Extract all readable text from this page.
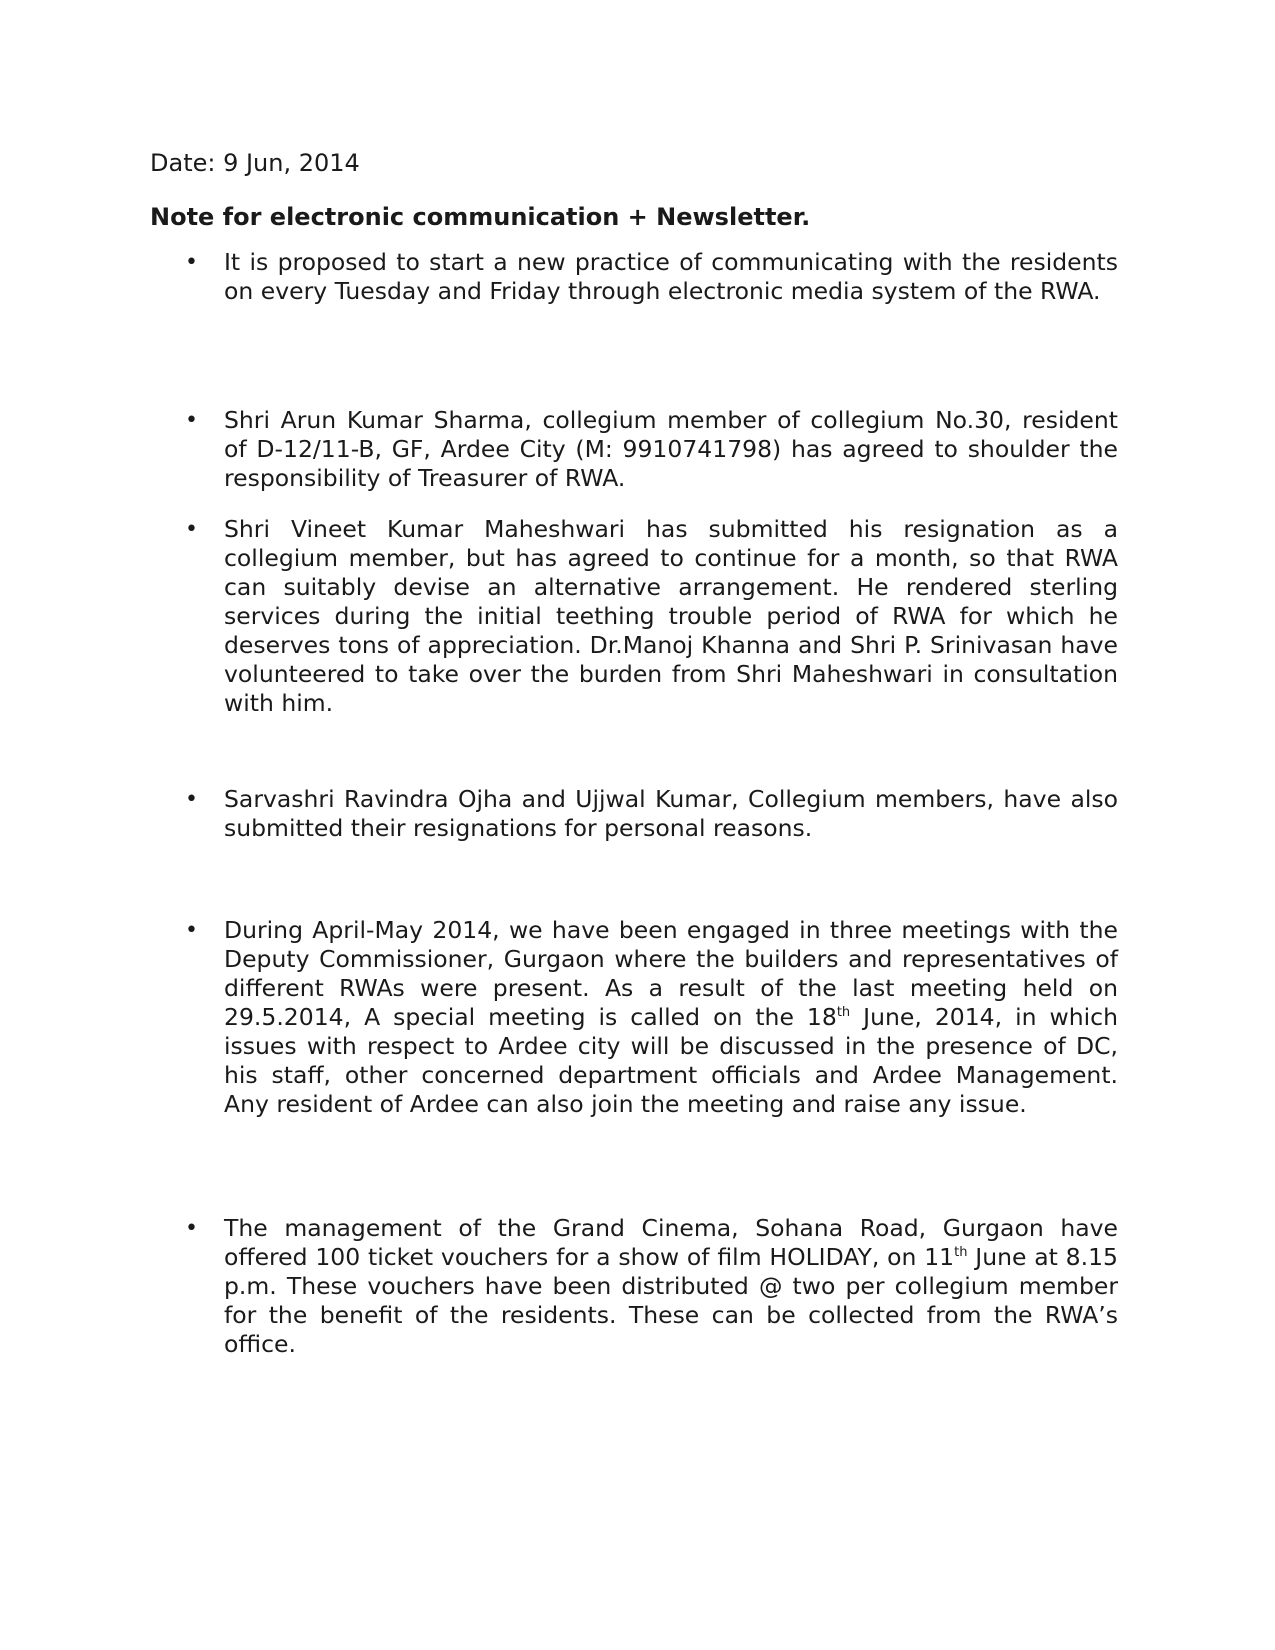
Date: 9 Jun, 2014
Note for electronic communication + Newsletter.
• It is proposed to start a new practice of communicating with the residents on every Tuesday and Friday through electronic media system of the RWA.

• Shri Arun Kumar Sharma, collegium member of collegium No.30, resident of D-12/11-B, GF, Ardee City (M: 9910741798) has agreed to shoulder the responsibility of Treasurer of RWA.

• Shri Vineet Kumar Maheshwari has submitted his resignation as a collegium member, but has agreed to continue for a month, so that RWA can suitably devise an alternative arrangement. He rendered sterling services during the initial teething trouble period of RWA for which he deserves tons of appreciation. Dr.Manoj Khanna and Shri P. Srinivasan have volunteered to take over the burden from Shri Maheshwari in consultation with him.

• Sarvashri Ravindra Ojha and Ujjwal Kumar, Collegium members, have also submitted their resignations for personal reasons.

• During April-May 2014, we have been engaged in three meetings with the Deputy Commissioner, Gurgaon where the builders and representatives of different RWAs were present. As a result of the last meeting held on 29.5.2014, A special meeting is called on the 18th June, 2014, in which issues with respect to Ardee city will be discussed in the presence of DC, his staff, other concerned department officials and Ardee Management. Any resident of Ardee can also join the meeting and raise any issue.

• The management of the Grand Cinema, Sohana Road, Gurgaon have offered 100 ticket vouchers for a show of film HOLIDAY, on 11th June at 8.15 p.m. These vouchers have been distributed @ two per collegium member for the benefit of the residents. These can be collected from the RWA’s office.
